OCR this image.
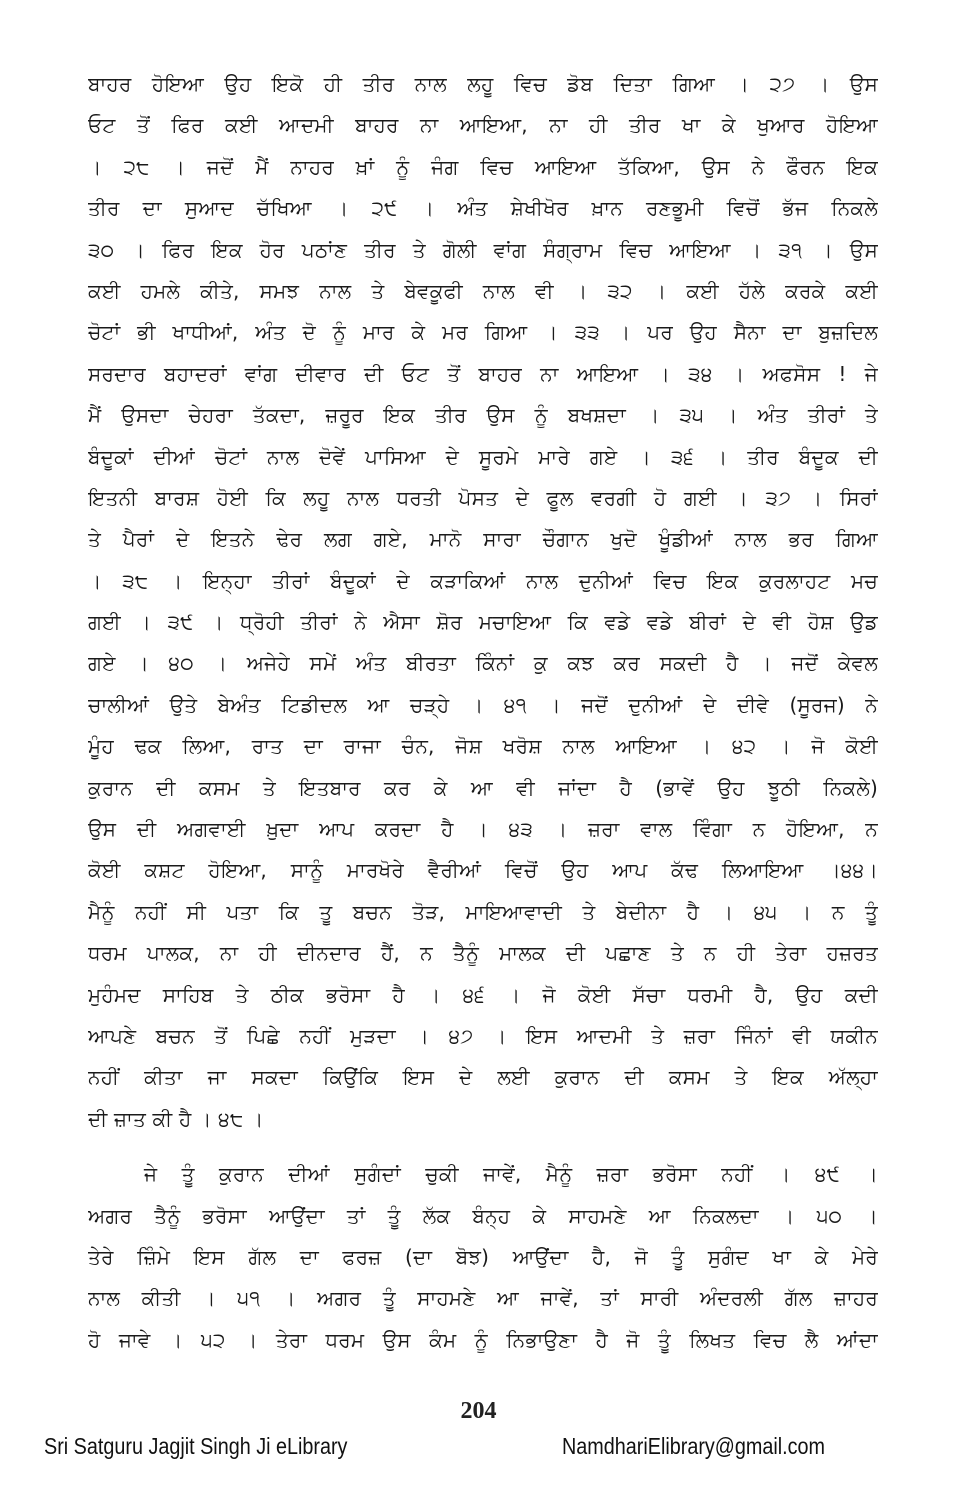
ਬਾਹਰ ਹੋਇਆ ਉਹ ਇਕੋ ਹੀ ਤੀਰ ਨਾਲ ਲਹੂ ਵਿਚ ਡੋਬ ਦਿਤਾ ਗਿਆ । ੨੭ । ਉਸ
ਓਟ ਤੋਂ ਫਿਰ ਕਈ ਆਦਮੀ ਬਾਹਰ ਨਾ ਆਇਆ, ਨਾ ਹੀ ਤੀਰ ਖਾ ਕੇ ਖੁਆਰ ਹੋਇਆ
। ੨੮ । ਜਦੋਂ ਮੈਂ ਨਾਹਰ ਖ਼ਾਂ ਨੂੰ ਜੰਗ ਵਿਚ ਆਇਆ ਤੱਕਿਆ, ਉਸ ਨੇ ਫੌਰਨ ਇਕ
ਤੀਰ ਦਾ ਸੁਆਦ ਚੱਖਿਆ । ੨੯ । ਅੰਤ ਸ਼ੇਖੀਖੋਰ ਖ਼ਾਨ ਰਣਭੂਮੀ ਵਿਚੋਂ ਭੱਜ ਨਿਕਲੇ
੩੦ । ਫਿਰ ਇਕ ਹੋਰ ਪਠਾਂਣ ਤੀਰ ਤੇ ਗੋਲੀ ਵਾਂਗ ਸੰਗ੍ਰਾਮ ਵਿਚ ਆਇਆ । ੩੧ । ਉਸ
ਕਈ ਹਮਲੇ ਕੀਤੇ, ਸਮਝ ਨਾਲ ਤੇ ਬੇਵਕੂਫੀ ਨਾਲ ਵੀ । ੩੨ । ਕਈ ਹੱਲੇ ਕਰਕੇ ਕਈ
ਚੋਟਾਂ ਭੀ ਖਾਧੀਆਂ, ਅੰਤ ਦੋ ਨੂੰ ਮਾਰ ਕੇ ਮਰ ਗਿਆ । ੩੩ । ਪਰ ਉਹ ਸੈਨਾ ਦਾ ਬੁਜ਼ਦਿਲ
ਸਰਦਾਰ ਬਹਾਦਰਾਂ ਵਾਂਗ ਦੀਵਾਰ ਦੀ ਓਟ ਤੋਂ ਬਾਹਰ ਨਾ ਆਇਆ । ੩੪ । ਅਫਸੋਸ ! ਜੇ
ਮੈਂ ਉਸਦਾ ਚੇਹਰਾ ਤੱਕਦਾ, ਜ਼ਰੂਰ ਇਕ ਤੀਰ ਉਸ ਨੂੰ ਬਖਸ਼ਦਾ । ੩੫ । ਅੰਤ ਤੀਰਾਂ ਤੇ
ਬੰਦੂਕਾਂ ਦੀਆਂ ਚੋਟਾਂ ਨਾਲ ਦੋਵੇਂ ਪਾਸਿਆ ਦੇ ਸੂਰਮੇ ਮਾਰੇ ਗਏ । ੩੬ । ਤੀਰ ਬੰਦੂਕ ਦੀ
ਇਤਨੀ ਬਾਰਸ਼ ਹੋਈ ਕਿ ਲਹੂ ਨਾਲ ਧਰਤੀ ਪੋਸਤ ਦੇ ਫੂਲ ਵਰਗੀ ਹੋ ਗਈ । ੩੭ । ਸਿਰਾਂ
ਤੇ ਪੈਰਾਂ ਦੇ ਇਤਨੇ ਢੇਰ ਲਗ ਗਏ, ਮਾਨੋ ਸਾਰਾ ਚੌਗਾਨ ਖੁਦੋ ਖੂੰਡੀਆਂ ਨਾਲ ਭਰ ਗਿਆ
। ੩੮ । ਇਨ੍ਹਾ ਤੀਰਾਂ ਬੰਦੂਕਾਂ ਦੇ ਕੜਾਕਿਆਂ ਨਾਲ ਦੁਨੀਆਂ ਵਿਚ ਇਕ ਕੁਰਲਾਹਟ ਮਚ
ਗਈ । ੩੯ । ਧ੍ਰੋਹੀ ਤੀਰਾਂ ਨੇ ਐਸਾ ਸ਼ੋਰ ਮਚਾਇਆ ਕਿ ਵਡੇ ਵਡੇ ਬੀਰਾਂ ਦੇ ਵੀ ਹੋਸ਼ ਉਡ
ਗਏ । ੪੦ । ਅਜੇਹੇ ਸਮੇਂ ਅੰਤ ਬੀਰਤਾ ਕਿੰਨਾਂ ਕੁ ਕਝ ਕਰ ਸਕਦੀ ਹੈ । ਜਦੋਂ ਕੇਵਲ
ਚਾਲੀਆਂ ਉਤੇ ਬੇਅੰਤ ਟਿਡੀਦਲ ਆ ਚੜ੍ਹੇ । ੪੧ । ਜਦੋਂ ਦੁਨੀਆਂ ਦੇ ਦੀਵੇ (ਸੂਰਜ) ਨੇ
ਮੂੰਹ ਢਕ ਲਿਆ, ਰਾਤ ਦਾ ਰਾਜਾ ਚੰਨ, ਜੋਸ਼ ਖਰੋਸ਼ ਨਾਲ ਆਇਆ । ੪੨ । ਜੋ ਕੋਈ
ਕੁਰਾਨ ਦੀ ਕਸਮ ਤੇ ਇਤਬਾਰ ਕਰ ਕੇ ਆ ਵੀ ਜਾਂਦਾ ਹੈ (ਭਾਵੇਂ ਉਹ ਝੂਠੀ ਨਿਕਲੇ)
ਉਸ ਦੀ ਅਗਵਾਈ ਖ਼ੁਦਾ ਆਪ ਕਰਦਾ ਹੈ । ੪੩ । ਜ਼ਰਾ ਵਾਲ ਵਿੰਗਾ ਨ ਹੋਇਆ, ਨ
ਕੋਈ ਕਸ਼ਟ ਹੋਇਆ, ਸਾਨੂੰ ਮਾਰਖੋਰੇ ਵੈਰੀਆਂ ਵਿਚੋਂ ਉਹ ਆਪ ਕੱਢ ਲਿਆਇਆ ।੪੪।
ਮੈਨੂੰ ਨਹੀਂ ਸੀ ਪਤਾ ਕਿ ਤੂ ਬਚਨ ਤੋੜ, ਮਾਇਆਵਾਦੀ ਤੇ ਬੇਦੀਨਾ ਹੈ । ੪੫ । ਨ ਤੂੰ
ਧਰਮ ਪਾਲਕ, ਨਾ ਹੀ ਦੀਨਦਾਰ ਹੈਂ, ਨ ਤੈਨੂੰ ਮਾਲਕ ਦੀ ਪਛਾਣ ਤੇ ਨ ਹੀ ਤੇਰਾ ਹਜ਼ਰਤ
ਮੁਹੰਮਦ ਸਾਹਿਬ ਤੇ ਠੀਕ ਭਰੋਸਾ ਹੈ । ੪੬ । ਜੋ ਕੋਈ ਸੱਚਾ ਧਰਮੀ ਹੈ, ਉਹ ਕਦੀ
ਆਪਣੇ ਬਚਨ ਤੋਂ ਪਿਛੇ ਨਹੀਂ ਮੁੜਦਾ । ੪੭ । ਇਸ ਆਦਮੀ ਤੇ ਜ਼ਰਾ ਜਿੰਨਾਂ ਵੀ ਯਕੀਨ
ਨਹੀਂ ਕੀਤਾ ਜਾ ਸਕਦਾ ਕਿਉਂਕਿ ਇਸ ਦੇ ਲਈ ਕੁਰਾਨ ਦੀ ਕਸਮ ਤੇ ਇਕ ਅੱਲ੍ਹਾ
ਦੀ ਜ਼ਾਤ ਕੀ ਹੈ । ੪੮ ।
ਜੇ ਤੂੰ ਕੁਰਾਨ ਦੀਆਂ ਸੁਗੰਦਾਂ ਚੁਕੀ ਜਾਵੇਂ, ਮੈਨੂੰ ਜ਼ਰਾ ਭਰੋਸਾ ਨਹੀਂ । ੪੯ ।
ਅਗਰ ਤੈਨੂੰ ਭਰੋਸਾ ਆਉਂਦਾ ਤਾਂ ਤੂੰ ਲੱਕ ਬੰਨ੍ਹ ਕੇ ਸਾਹਮਣੇ ਆ ਨਿਕਲਦਾ । ੫੦ ।
ਤੇਰੇ ਜ਼ਿੰਮੇ ਇਸ ਗੱਲ ਦਾ ਫਰਜ਼ (ਦਾ ਬੋਝ) ਆਉਂਦਾ ਹੈ, ਜੋ ਤੂੰ ਸੁਗੰਦ ਖਾ ਕੇ ਮੇਰੇ
ਨਾਲ ਕੀਤੀ । ੫੧ । ਅਗਰ ਤੂੰ ਸਾਹਮਣੇ ਆ ਜਾਵੇਂ, ਤਾਂ ਸਾਰੀ ਅੰਦਰਲੀ ਗੱਲ ਜ਼ਾਹਰ
ਹੋ ਜਾਵੇ । ੫੨ । ਤੇਰਾ ਧਰਮ ਉਸ ਕੰਮ ਨੂੰ ਨਿਭਾਉਣਾ ਹੈ ਜੋ ਤੂੰ ਲਿਖਤ ਵਿਚ ਲੈ ਆਂਦਾ
204
Sri Satguru Jagjit Singh Ji eLibrary	NamdhariElibrary@gmail.com
